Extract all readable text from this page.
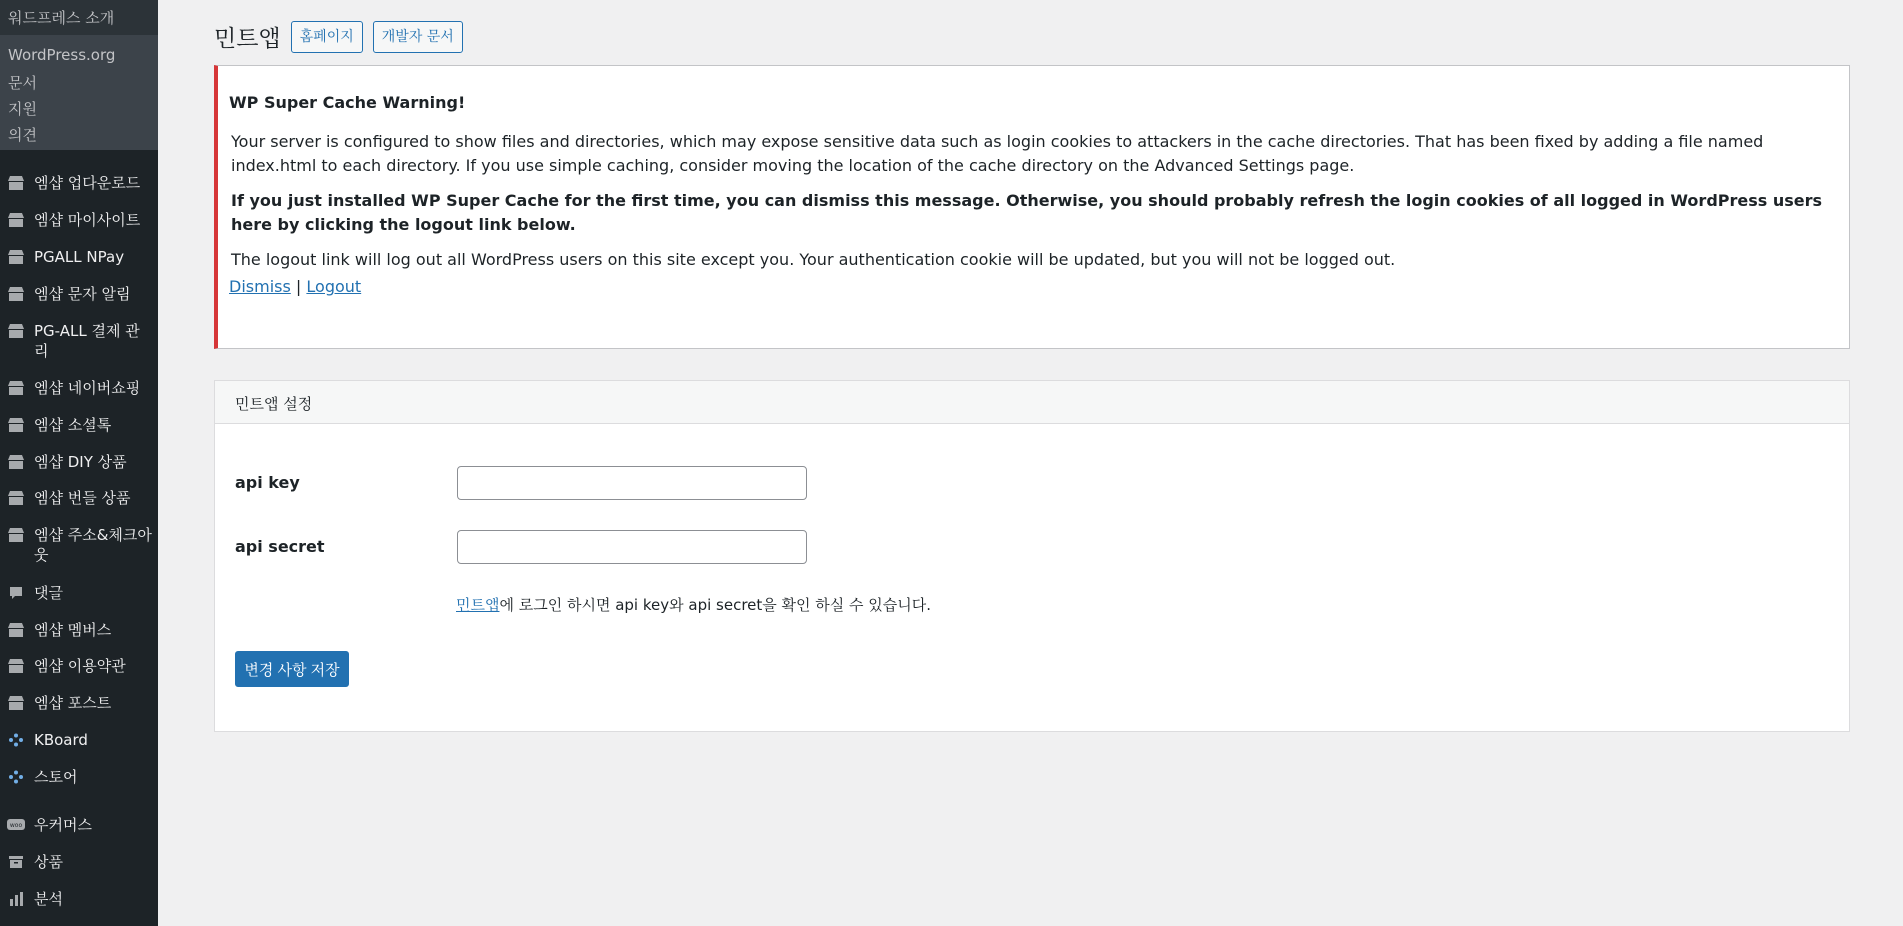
엠샵 업다운로드
엠샵 마이사이트
PGALL NPay
엠샵 문자 알림
PG-ALL 결제 관리
엠샵 네이버쇼핑
엠샵 소셜톡
엠샵 DIY 상품
엠샵 번들 상품
엠샵 주소&체크아웃
댓글
엠샵 멤버스
엠샵 이용약관
엠샵 포스트
KBoard
스토어
woo 우커머스
상품
분석
워드프레스 소개
WordPress.org
문서
지원
의견
민트앱	홈페이지	개발자 문서
WP Super Cache Warning!

Your server is configured to show files and directories, which may expose sensitive data such as login cookies to attackers in the cache directories. That has been fixed by adding a file named index.html to each directory. If you use simple caching, consider moving the location of the cache directory on the Advanced Settings page.

If you just installed WP Super Cache for the first time, you can dismiss this message. Otherwise, you should probably refresh the login cookies of all logged in WordPress users here by clicking the logout link below.

The logout link will log out all WordPress users on this site except you. Your authentication cookie will be updated, but you will not be logged out.

Dismiss | Logout
민트앱 설정
api key
api secret
민트앱에 로그인 하시면 api key와 api secret을 확인 하실 수 있습니다.
변경 사항 저장
